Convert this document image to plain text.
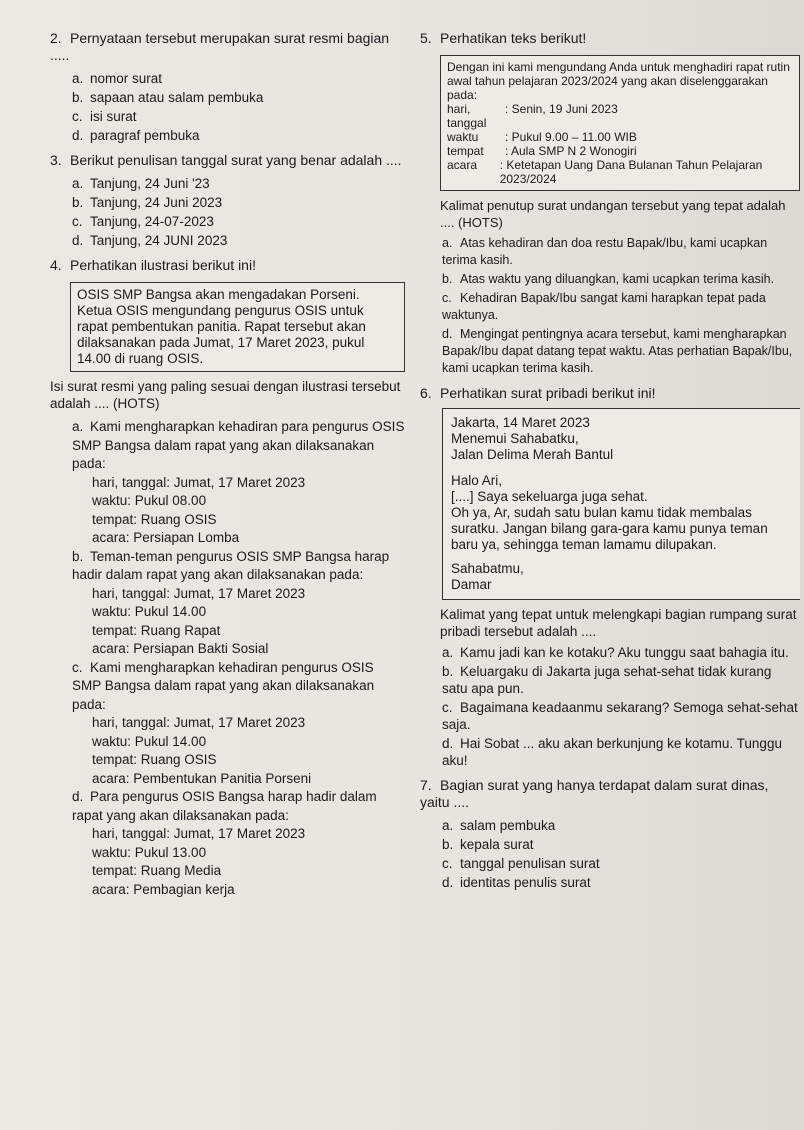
2. Pernyataan tersebut merupakan surat resmi bagian .....

a. nomor surat
b. sapaan atau salam pembuka
c. isi surat
d. paragraf pembuka

3. Berikut penulisan tanggal surat yang benar adalah ....

a. Tanjung, 24 Juni '23
b. Tanjung, 24 Juni 2023
c. Tanjung, 24-07-2023
d. Tanjung, 24 JUNI 2023

4. Perhatikan ilustrasi berikut ini!

OSIS SMP Bangsa akan mengadakan Porseni. Ketua OSIS mengundang pengurus OSIS untuk rapat pembentukan panitia. Rapat tersebut akan dilaksanakan pada Jumat, 17 Maret 2023, pukul 14.00 di ruang OSIS.

Isi surat resmi yang paling sesuai dengan ilustrasi tersebut adalah .... (HOTS)

a. Kami mengharapkan kehadiran para pengurus OSIS SMP Bangsa dalam rapat yang akan dilaksanakan pada:
hari, tanggal: Jumat, 17 Maret 2023
waktu: Pukul 08.00
tempat: Ruang OSIS
acara: Persiapan Lomba
b. Teman-teman pengurus OSIS SMP Bangsa harap hadir dalam rapat yang akan dilaksanakan pada:
hari, tanggal: Jumat, 17 Maret 2023
waktu: Pukul 14.00
tempat: Ruang Rapat
acara: Persiapan Bakti Sosial
c. Kami mengharapkan kehadiran pengurus OSIS SMP Bangsa dalam rapat yang akan dilaksanakan pada:
hari, tanggal: Jumat, 17 Maret 2023
waktu: Pukul 14.00
tempat: Ruang OSIS
acara: Pembentukan Panitia Porseni
d. Para pengurus OSIS Bangsa harap hadir dalam rapat yang akan dilaksanakan pada:
hari, tanggal: Jumat, 17 Maret 2023
waktu: Pukul 13.00
tempat: Ruang Media
acara: Pembagian kerja

5. Perhatikan teks berikut!

Dengan ini kami mengundang Anda untuk menghadiri rapat rutin awal tahun pelajaran 2023/2024 yang akan diselenggarakan pada:
hari, tanggal
: Senin, 19 Juni 2023
waktu	: Pukul 9.00 – 11.00 WIB
tempat	: Aula SMP N 2 Wonogiri
acara	: Ketetapan Uang Dana Bulanan Tahun Pelajaran 2023/2024

Kalimat penutup surat undangan tersebut yang tepat adalah .... (HOTS)

a. Atas kehadiran dan doa restu Bapak/Ibu, kami ucapkan terima kasih.
b. Atas waktu yang diluangkan, kami ucapkan terima kasih.
c. Kehadiran Bapak/Ibu sangat kami harapkan tepat pada waktunya.
d. Mengingat pentingnya acara tersebut, kami mengharapkan Bapak/Ibu dapat datang tepat waktu. Atas perhatian Bapak/Ibu, kami ucapkan terima kasih.

6. Perhatikan surat pribadi berikut ini!

Jakarta, 14 Maret 2023
Menemui Sahabatku,
Jalan Delima Merah Bantul
Halo Ari,
[....] Saya sekeluarga juga sehat.
Oh ya, Ar, sudah satu bulan kamu tidak membalas suratku. Jangan bilang gara-gara kamu punya teman baru ya, sehingga teman lamamu dilupakan.
Sahabatmu,
Damar

Kalimat yang tepat untuk melengkapi bagian rumpang surat pribadi tersebut adalah ....

a. Kamu jadi kan ke kotaku? Aku tunggu saat bahagia itu.
b. Keluargaku di Jakarta juga sehat-sehat tidak kurang satu apa pun.
c. Bagaimana keadaanmu sekarang? Semoga sehat-sehat saja.
d. Hai Sobat ... aku akan berkunjung ke kotamu. Tunggu aku!

7. Bagian surat yang hanya terdapat dalam surat dinas, yaitu ....

a. salam pembuka
b. kepala surat
c. tanggal penulisan surat
d. identitas penulis surat
